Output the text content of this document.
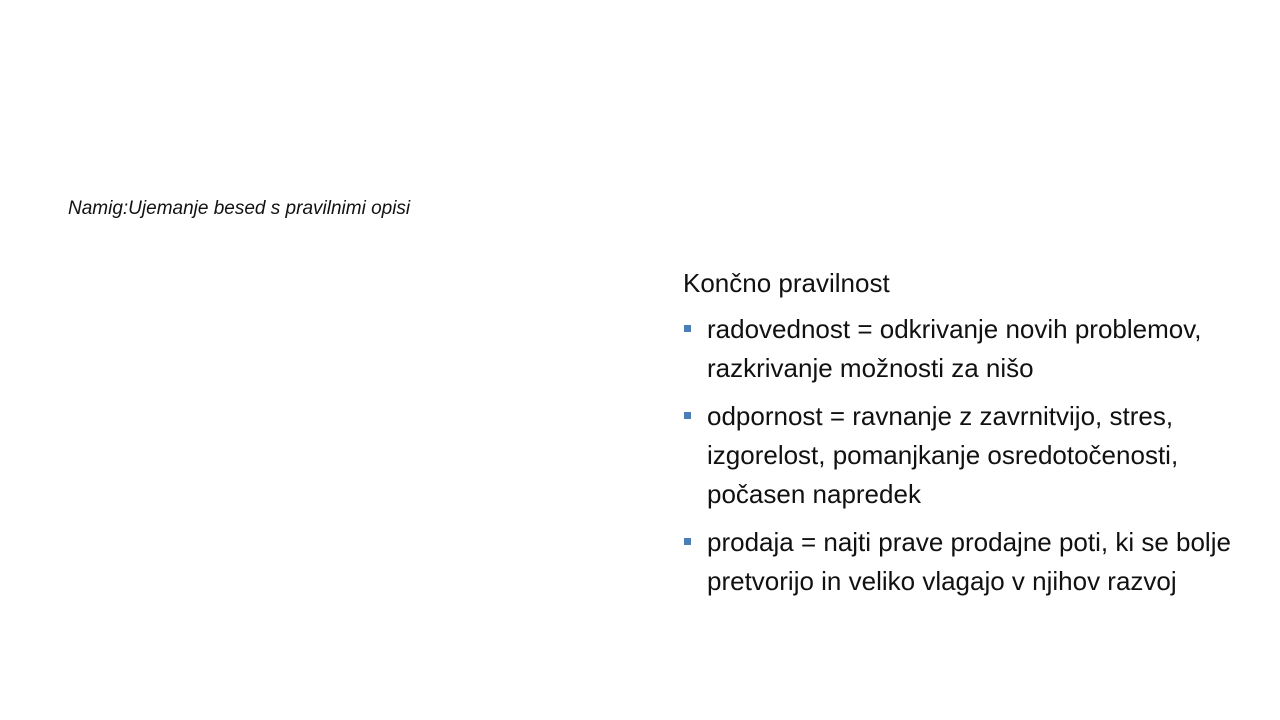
Namig:Ujemanje besed s pravilnimi opisi
Končno pravilnost
radovednost = odkrivanje novih problemov, razkrivanje možnosti za nišo
odpornost = ravnanje z zavrnitvijo, stres, izgorelost, pomanjkanje osredotočenosti, počasen napredek
prodaja = najti prave prodajne poti, ki se bolje pretvorijo in veliko vlagajo v njihov razvoj
